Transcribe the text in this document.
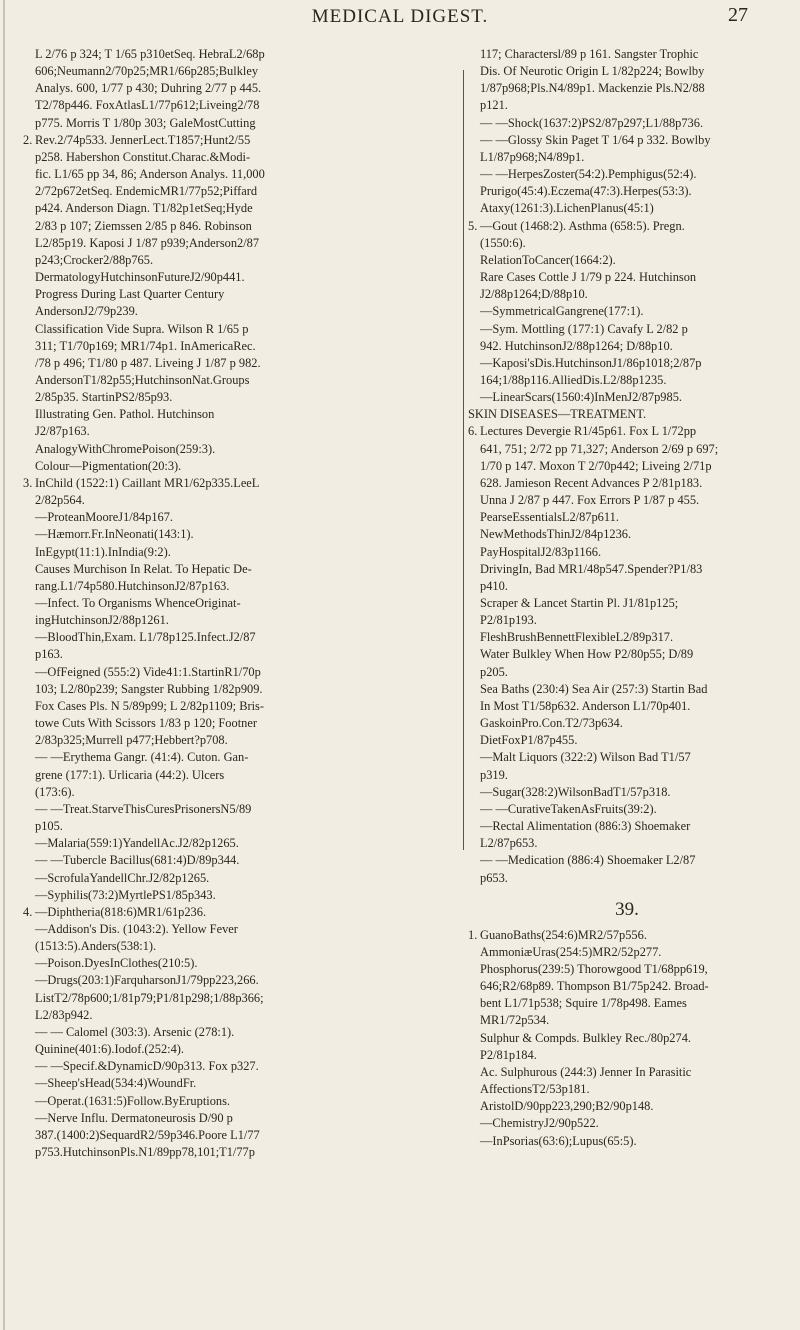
MEDICAL DIGEST.	27
L 2/76 p 324; T 1/65 p310etSeq. HebraL2/68p
606;Neumann2/70p25;MR1/66p285;Bulkley
Analys. 600, 1/77 p 430; Duhring 2/77 p 445.
T2/78p446. FoxAtlasL1/77p612;Liveing2/78
p775. Morris T 1/80p 303; GaleMostCutting
2. Rev.2/74p533. JennerLect.T1857;Hunt2/55
p258. Habershon Constitut.Charac.&Modi-
fic. L1/65 pp 34, 86; Anderson Analys. 11,000
2/72p672etSeq. EndemicMR1/77p52;Piffard
p424. Anderson Diagn. T1/82p1etSeq;Hyde
2/83 p 107; Ziemssen 2/85 p 846. Robinson
L2/85p19. Kaposi J 1/87 p939;Anderson2/87
p243;Crocker2/88p765.
DermatologyHutchinsonFutureJ2/90p441.
Progress During Last Quarter Century
AndersonJ2/79p239.
Classification Vide Supra. Wilson R 1/65 p
311; T1/70p169; MR1/74p1. InAmericaRec.
/78 p 496; T1/80 p 487. Liveing J 1/87 p 982.
AndersonT1/82p55;HutchinsonNat.Groups
2/85p35. StartinPS2/85p93.
Illustrating Gen. Pathol. Hutchinson
J2/87p163.
AnalogyWithChromePoison(259:3).
Colour—Pigmentation(20:3).
3. InChild (1522:1) Caillant MR1/62p335.LeeL
2/82p564.
—ProteanMooreJ1/84p167.
—Hæmorr.Fr.InNeonati(143:1).
InEgypt(11:1).InIndia(9:2).
Causes Murchison In Relat. To Hepatic De-
rang.L1/74p580.HutchinsonJ2/87p163.
—Infect. To Organisms WhenceOriginat-
ingHutchinsonJ2/88p1261.
—BloodThin,Exam. L1/78p125.Infect.J2/87
p163.
—OfFeigned (555:2) Vide41:1.StartinR1/70p
103; L2/80p239; Sangster Rubbing 1/82p909.
Fox Cases Pls. N 5/89p99; L 2/82p1109; Bris-
towe Cuts With Scissors 1/83 p 120; Footner
2/83p325;Murrell p477;Hebbert?p708.
— —Erythema Gangr. (41:4). Cuton. Gan-
grene (177:1). Urlicaria (44:2). Ulcers
(173:6).
— —Treat.StarveThisCuresPrisonersN5/89
p105.
—Malaria(559:1)YandellAc.J2/82p1265.
— —Tubercle Bacillus(681:4)D/89p344.
—ScrofulaYandellChr.J2/82p1265.
—Syphilis(73:2)MyrtlePS1/85p343.
4. —Diphtheria(818:6)MR1/61p236.
—Addison's Dis. (1043:2). Yellow Fever
(1513:5).Anders(538:1).
—Poison.DyesInClothes(210:5).
—Drugs(203:1)FarquharsonJ1/79pp223,266.
ListT2/78p600;1/81p79;P1/81p298;1/88p366;
L2/83p942.
— — Calomel (303:3). Arsenic (278:1).
Quinine(401:6).Iodof.(252:4).
— —Specif.&DynamicD/90p313. Fox p327.
—Sheep'sHead(534:4)WoundFr.
—Operat.(1631:5)Follow.ByEruptions.
—Nerve Influ. Dermatoneurosis D/90 p
387.(1400:2)SequardR2/59p346.Poore L1/77
p753.HutchinsonPls.N1/89pp78,101;T1/77p
117; Charactersl/89 p 161. Sangster Trophic
Dis. Of Neurotic Origin L 1/82p224; Bowlby
1/87p968;Pls.N4/89p1. Mackenzie Pls.N2/88
p121.
— —Shock(1637:2)PS2/87p297;L1/88p736.
— —Glossy Skin Paget T 1/64 p 332. Bowlby
L1/87p968;N4/89p1.
— —HerpesZoster(54:2).Pemphigus(52:4).
Prurigo(45:4).Eczema(47:3).Herpes(53:3).
Ataxy(1261:3).LichenPlanus(45:1)
5. —Gout (1468:2). Asthma (658:5). Pregn.
(1550:6).
RelationToCancer(1664:2).
Rare Cases Cottle J 1/79 p 224. Hutchinson
J2/88p1264;D/88p10.
—SymmetricalGangrene(177:1).
—Sym. Mottling (177:1) Cavafy L 2/82 p
942. HutchinsonJ2/88p1264; D/88p10.
—Kaposi'sDis.HutchinsonJ1/86p1018;2/87p
164;1/88p116.AlliedDis.L2/88p1235.
—LinearScars(1560:4)InMenJ2/87p985.
SKIN DISEASES—TREATMENT.
6. Lectures Devergie R1/45p61. Fox L 1/72pp
641, 751; 2/72 pp 71,327; Anderson 2/69 p 697;
1/70 p 147. Moxon T 2/70p442; Liveing 2/71p
628. Jamieson Recent Advances P 2/81p183.
Unna J 2/87 p 447. Fox Errors P 1/87 p 455.
PearseEssentialsL2/87p611.
NewMethodsThinJ2/84p1236.
PayHospitalJ2/83p1166.
DrivingIn, Bad MR1/48p547.Spender?P1/83
p410.
Scraper & Lancet Startin Pl. J1/81p125;
P2/81p193.
FleshBrushBennettFlexibleL2/89p317.
Water Bulkley When How P2/80p55; D/89
p205.
Sea Baths (230:4) Sea Air (257:3) Startin Bad
In Most T1/58p632. Anderson L1/70p401.
GaskoinPro.Con.T2/73p634.
DietFoxP1/87p455.
—Malt Liquors (322:2) Wilson Bad T1/57
p319.
—Sugar(328:2)WilsonBadT1/57p318.
— —CurativeTakenAsFruits(39:2).
—Rectal Alimentation (886:3) Shoemaker
L2/87p653.
— —Medication (886:4) Shoemaker L2/87
p653.
39.
1. GuanoBaths(254:6)MR2/57p556.
AmmoniæUras(254:5)MR2/52p277.
Phosphorus(239:5) Thorowgood T1/68pp619,
646;R2/68p89. Thompson B1/75p242. Broad-
bent L1/71p538; Squire 1/78p498. Eames
MR1/72p534.
Sulphur & Compds. Bulkley Rec./80p274.
P2/81p184.
Ac. Sulphurous (244:3) Jenner In Parasitic
AffectionsT2/53p181.
AristolD/90pp223,290;B2/90p148.
—ChemistryJ2/90p522.
—InPsorias(63:6);Lupus(65:5).
